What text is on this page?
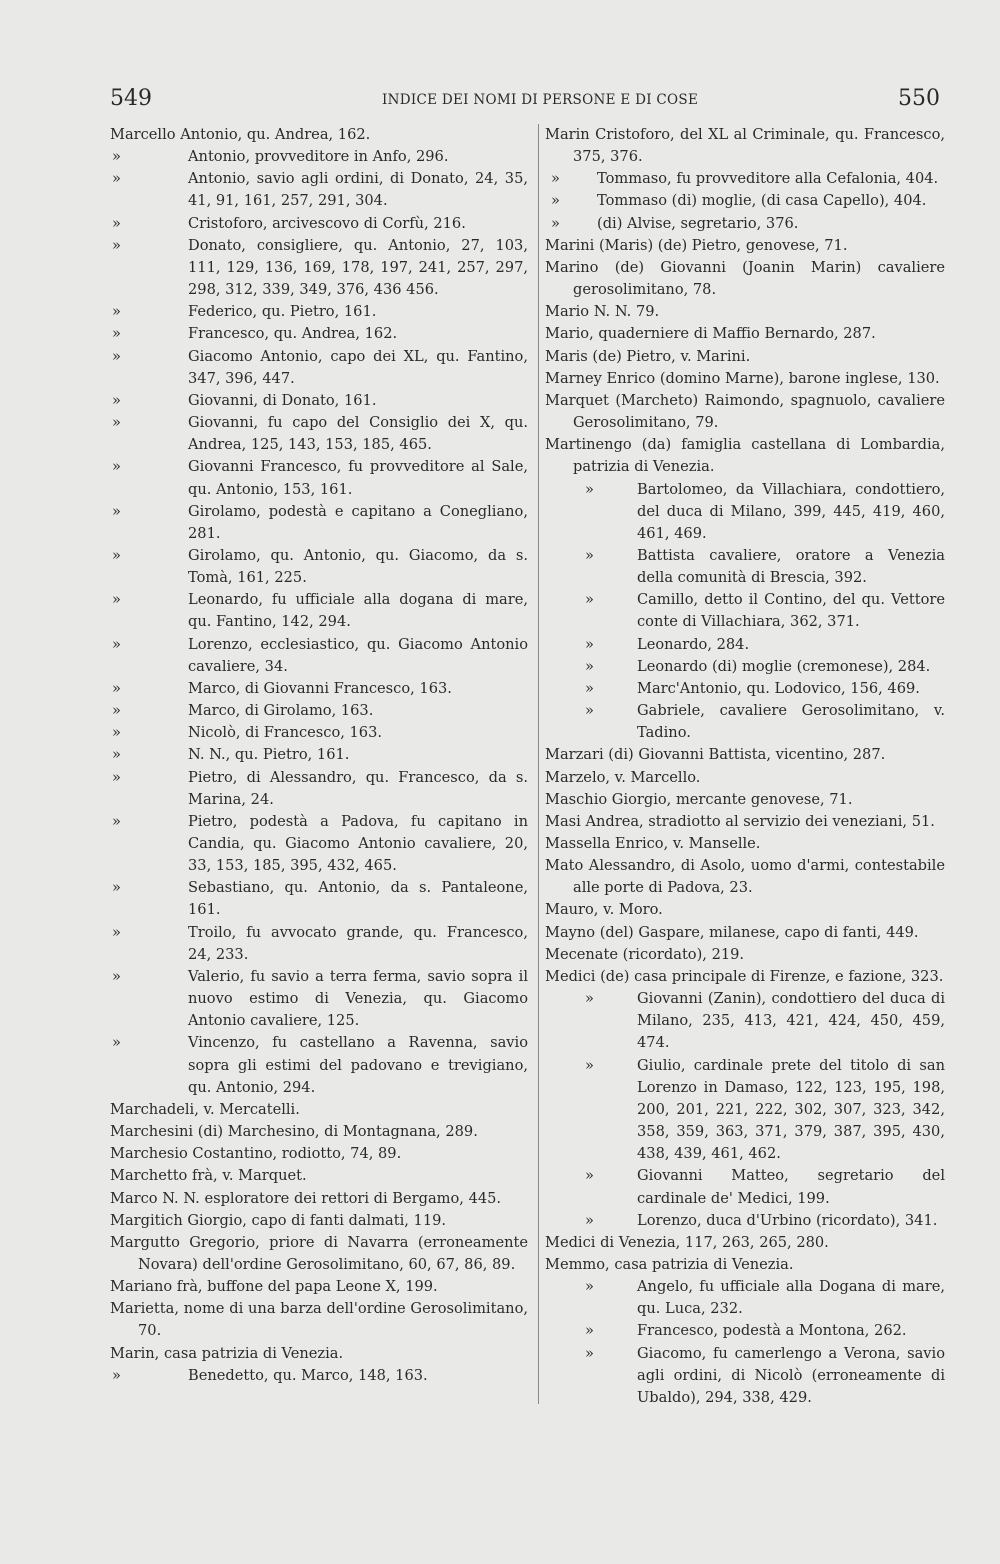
549	INDICE DEI NOMI DI PERSONE E DI COSE	550
Marcello Antonio, qu. Andrea, 162.
» Antonio, provveditore in Anfo, 296.
» Antonio, savio agli ordini, di Donato, 24, 35, 41, 91, 161, 257, 291, 304.
» Cristoforo, arcivescovo di Corfù, 216.
» Donato, consigliere, qu. Antonio, 27, 103, 111, 129, 136, 169, 178, 197, 241, 257, 297, 298, 312, 339, 349, 376, 436 456.
» Federico, qu. Pietro, 161.
» Francesco, qu. Andrea, 162.
» Giacomo Antonio, capo dei XL, qu. Fantino, 347, 396, 447.
» Giovanni, di Donato, 161.
» Giovanni, fu capo del Consiglio dei X, qu. Andrea, 125, 143, 153, 185, 465.
» Giovanni Francesco, fu provveditore al Sale, qu. Antonio, 153, 161.
» Girolamo, podestà e capitano a Conegliano, 281.
» Girolamo, qu. Antonio, qu. Giacomo, da s. Tomà, 161, 225.
» Leonardo, fu ufficiale alla dogana di mare, qu. Fantino, 142, 294.
» Lorenzo, ecclesiastico, qu. Giacomo Antonio cavaliere, 34.
» Marco, di Giovanni Francesco, 163.
» Marco, di Girolamo, 163.
» Nicolò, di Francesco, 163.
» N. N., qu. Pietro, 161.
» Pietro, di Alessandro, qu. Francesco, da s. Marina, 24.
» Pietro, podestà a Padova, fu capitano in Candia, qu. Giacomo Antonio cavaliere, 20, 33, 153, 185, 395, 432, 465.
» Sebastiano, qu. Antonio, da s. Pantaleone, 161.
» Troilo, fu avvocato grande, qu. Francesco, 24, 233.
» Valerio, fu savio a terra ferma, savio sopra il nuovo estimo di Venezia, qu. Giacomo Antonio cavaliere, 125.
» Vincenzo, fu castellano a Ravenna, savio sopra gli estimi del padovano e trevigiano, qu. Antonio, 294.
Marchadeli, v. Mercatelli.
Marchesini (di) Marchesino, di Montagnana, 289.
Marchesio Costantino, rodiotto, 74, 89.
Marchetto frà, v. Marquet.
Marco N. N. esploratore dei rettori di Bergamo, 445.
Margitich Giorgio, capo di fanti dalmati, 119.
Margutto Gregorio, priore di Navarra (erroneamente Novara) dell'ordine Gerosolimitano, 60, 67, 86, 89.
Mariano frà, buffone del papa Leone X, 199.
Marietta, nome di una barza dell'ordine Gerosolimitano, 70.
Marin, casa patrizia di Venezia.
» Benedetto, qu. Marco, 148, 163.
Marin Cristoforo, del XL al Criminale, qu. Francesco, 375, 376.
» Tommaso, fu provveditore alla Cefalonia, 404.
» Tommaso (di) moglie, (di casa Capello), 404.
» (di) Alvise, segretario, 376.
Marini (Maris) (de) Pietro, genovese, 71.
Marino (de) Giovanni (Joanin Marin) cavaliere gerosolimitano, 78.
Mario N. N. 79.
Mario, quaderniere di Maffio Bernardo, 287.
Maris (de) Pietro, v. Marini.
Marney Enrico (domino Marne), barone inglese, 130.
Marquet (Marcheto) Raimondo, spagnuolo, cavaliere Gerosolimitano, 79.
Martinengo (da) famiglia castellana di Lombardia, patrizia di Venezia.
» Bartolomeo, da Villachiara, condottiero, del duca di Milano, 399, 445, 419, 460, 461, 469.
» Battista cavaliere, oratore a Venezia della comunità di Brescia, 392.
» Camillo, detto il Contino, del qu. Vettore conte di Villachiara, 362, 371.
» Leonardo, 284.
» Leonardo (di) moglie (cremonese), 284.
» Marc'Antonio, qu. Lodovico, 156, 469.
» Gabriele, cavaliere Gerosolimitano, v. Tadino.
Marzari (di) Giovanni Battista, vicentino, 287.
Marzelo, v. Marcello.
Maschio Giorgio, mercante genovese, 71.
Masi Andrea, stradiotto al servizio dei veneziani, 51.
Massella Enrico, v. Manselle.
Mato Alessandro, di Asolo, uomo d'armi, contestabile alle porte di Padova, 23.
Mauro, v. Moro.
Mayno (del) Gaspare, milanese, capo di fanti, 449.
Mecenate (ricordato), 219.
Medici (de) casa principale di Firenze, e fazione, 323.
» Giovanni (Zanin), condottiero del duca di Milano, 235, 413, 421, 424, 450, 459, 474.
» Giulio, cardinale prete del titolo di san Lorenzo in Damaso, 122, 123, 195, 198, 200, 201, 221, 222, 302, 307, 323, 342, 358, 359, 363, 371, 379, 387, 395, 430, 438, 439, 461, 462.
» Giovanni Matteo, segretario del cardinale de' Medici, 199.
» Lorenzo, duca d'Urbino (ricordato), 341.
Medici di Venezia, 117, 263, 265, 280.
Memmo, casa patrizia di Venezia.
» Angelo, fu ufficiale alla Dogana di mare, qu. Luca, 232.
» Francesco, podestà a Montona, 262.
» Giacomo, fu camerlengo a Verona, savio agli ordini, di Nicolò (erroneamente di Ubaldo), 294, 338, 429.
